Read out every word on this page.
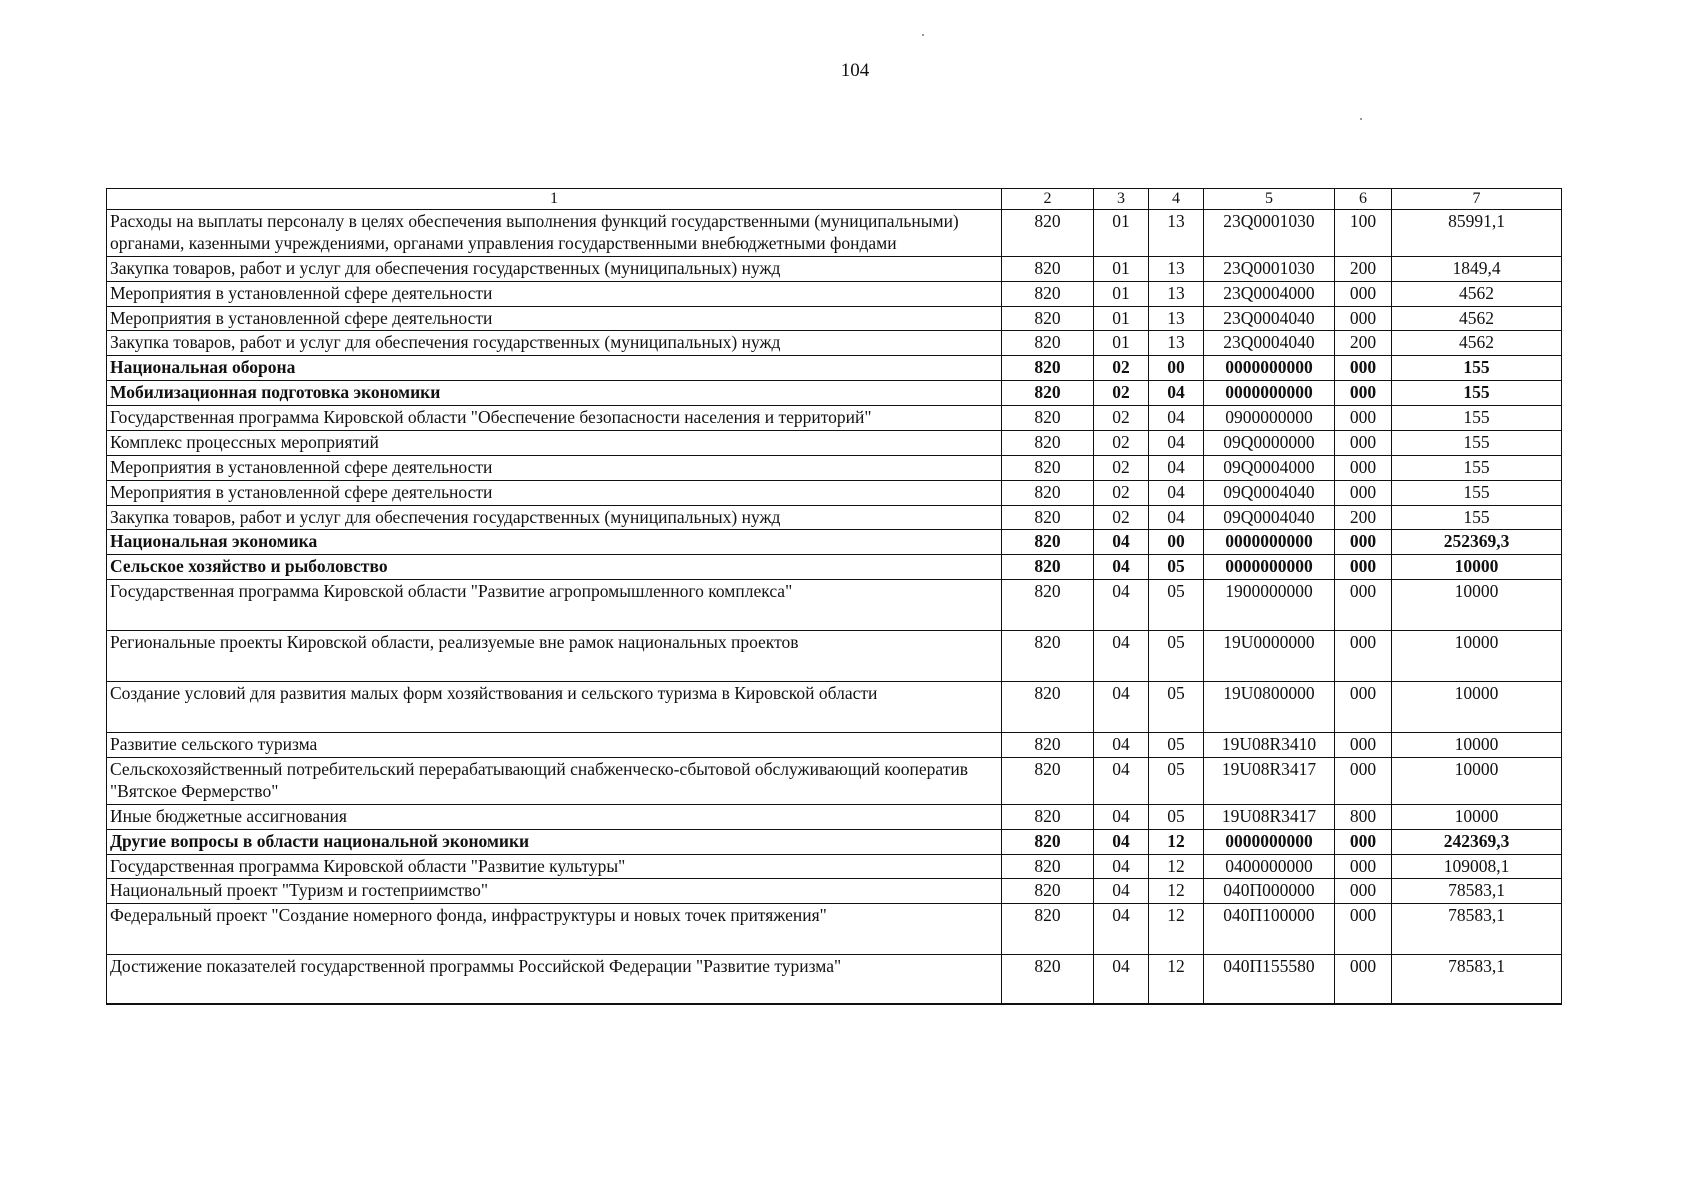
104
1	2	3	4	5	6	7
Расходы на выплаты персоналу в целях обеспечения выполнения функций государственными (муниципальными) органами, казенными учреждениями, органами управления государственными внебюджетными фондами	820	01	13	23Q0001030	100	85991,1
Закупка товаров, работ и услуг для обеспечения государственных (муниципальных) нужд	820	01	13	23Q0001030	200	1849,4
Мероприятия в установленной сфере деятельности	820	01	13	23Q0004000	000	4562
Мероприятия в установленной сфере деятельности	820	01	13	23Q0004040	000	4562
Закупка товаров, работ и услуг для обеспечения государственных (муниципальных) нужд	820	01	13	23Q0004040	200	4562
Национальная оборона	820	02	00	0000000000	000	155
Мобилизационная подготовка экономики	820	02	04	0000000000	000	155
Государственная программа Кировской области "Обеспечение безопасности населения и территорий"	820	02	04	0900000000	000	155
Комплекс процессных мероприятий	820	02	04	09Q0000000	000	155
Мероприятия в установленной сфере деятельности	820	02	04	09Q0004000	000	155
Мероприятия в установленной сфере деятельности	820	02	04	09Q0004040	000	155
Закупка товаров, работ и услуг для обеспечения государственных (муниципальных) нужд	820	02	04	09Q0004040	200	155
Национальная экономика	820	04	00	0000000000	000	252369,3
Сельское хозяйство и рыболовство	820	04	05	0000000000	000	10000
Государственная программа Кировской области "Развитие агропромышленного комплекса"	820	04	05	1900000000	000	10000
Региональные проекты Кировской области, реализуемые вне рамок национальных проектов	820	04	05	19U0000000	000	10000
Создание условий для развития малых форм хозяйствования и сельского туризма в Кировской области	820	04	05	19U0800000	000	10000
Развитие сельского туризма	820	04	05	19U08R3410	000	10000
Сельскохозяйственный потребительский перерабатывающий снабженческо-сбытовой обслуживающий кооператив "Вятское Фермерство"	820	04	05	19U08R3417	000	10000
Иные бюджетные ассигнования	820	04	05	19U08R3417	800	10000
Другие вопросы в области национальной экономики	820	04	12	0000000000	000	242369,3
Государственная программа Кировской области "Развитие культуры"	820	04	12	0400000000	000	109008,1
Национальный проект "Туризм и гостеприимство"	820	04	12	040П000000	000	78583,1
Федеральный проект "Создание номерного фонда, инфраструктуры и новых точек притяжения"	820	04	12	040П100000	000	78583,1
Достижение показателей государственной программы Российской Федерации "Развитие туризма"	820	04	12	040П155580	000	78583,1
